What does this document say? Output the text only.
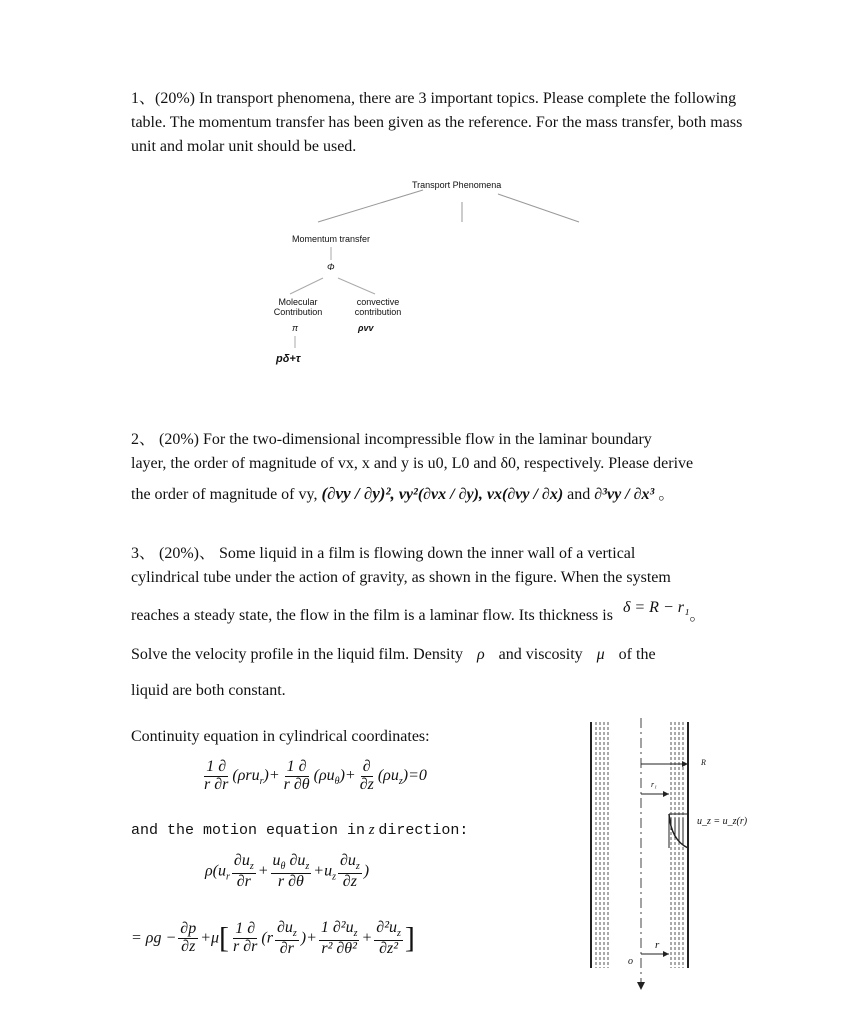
1、(20%) In transport phenomena, there are 3 important topics. Please complete the following table. The momentum transfer has been given as the reference. For the mass transfer, both mass unit and molar unit should be used.
Transport Phenomena
Momentum transfer
Φ
Molecular
Contribution
convective
contribution
π	ρvv
pδ+τ
2、 (20%) For the two-dimensional incompressible flow in the laminar boundary
layer, the order of magnitude of vx, x and y is u0, L0 and δ0, respectively. Please derive
the order of magnitude of vy, (∂vy / ∂y)², vy²(∂vx / ∂y), vx(∂vy / ∂x) and ∂³vy / ∂x³ 。
3、 (20%)、 Some liquid in a film is flowing down the inner wall of a vertical
cylindrical tube under the action of gravity, as shown in the figure. When the system
reaches a steady state, the flow in the film is a laminar flow. Its thickness is δ = R − r₁。
Solve the velocity profile in the liquid film. Density ρ and viscosity μ of the
liquid are both constant.
Continuity equation in cylindrical coordinates:
$\frac{1 \partial}{r \partial r} (\rho ru_r)+ \frac{1 \partial}{r \partial\theta} (\rho u_\theta)+ \frac{\partial}{\partial z} (\rho u_z)=0$
and the motion equation in z direction:
$\rho(u_r \frac{\partial u_z}{\partial r} + \frac{u_\theta \partial u_z}{r \partial\theta} +u_z \frac{\partial u_z}{\partial z}$ )
= $\rho g - \frac{\partial p}{\partial z} +\mu[ \frac{1 \partial}{r \partial r} (r \frac{\partial u_z}{\partial r}$ )+ $\frac{1 \partial^2u_z}{\text{r² ∂θ²}} + \frac{\partial^2u_z}{\text{∂z²}}$ ]
R
r₁
u_z = u_z(r)
o
r
